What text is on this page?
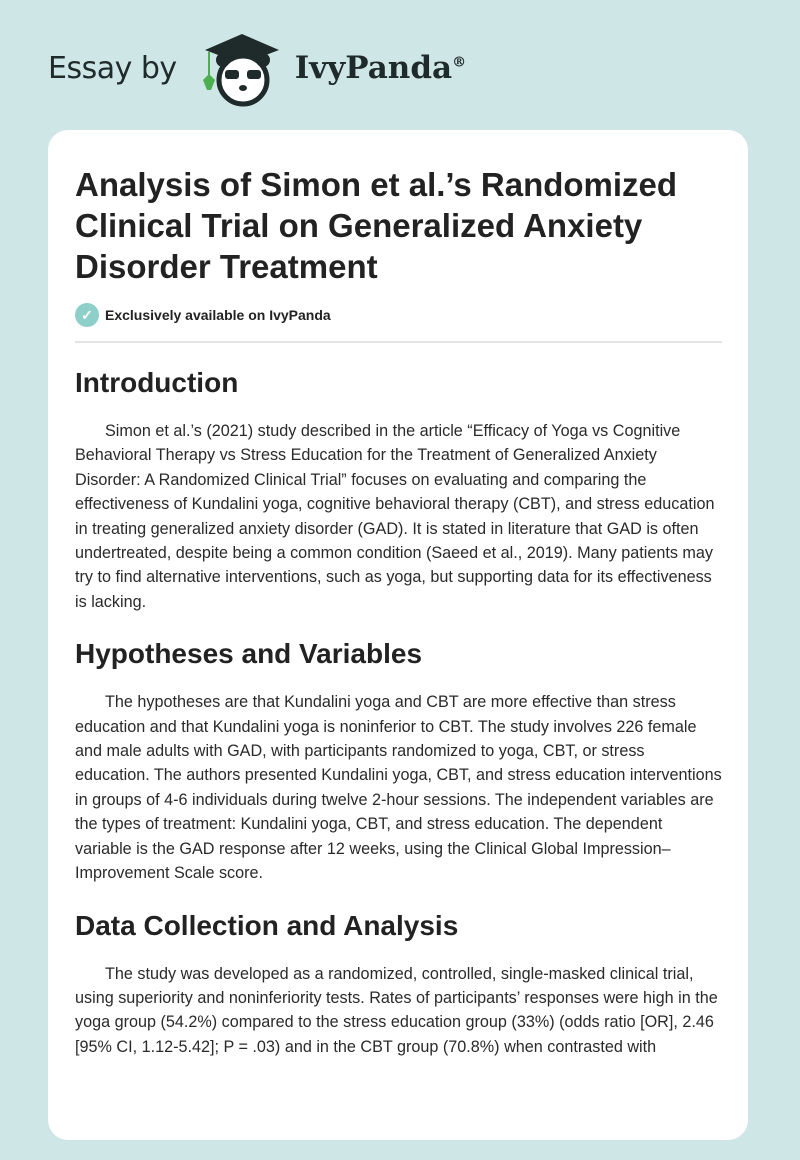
Essay by	IvyPanda®
Analysis of Simon et al.’s Randomized Clinical Trial on Generalized Anxiety Disorder Treatment
✓ Exclusively available on IvyPanda
Introduction

Simon et al.’s (2021) study described in the article “Efficacy of Yoga vs Cognitive Behavioral Therapy vs Stress Education for the Treatment of Generalized Anxiety Disorder: A Randomized Clinical Trial” focuses on evaluating and comparing the effectiveness of Kundalini yoga, cognitive behavioral therapy (CBT), and stress education in treating generalized anxiety disorder (GAD). It is stated in literature that GAD is often undertreated, despite being a common condition (Saeed et al., 2019). Many patients may try to find alternative interventions, such as yoga, but supporting data for its effectiveness is lacking.

Hypotheses and Variables

The hypotheses are that Kundalini yoga and CBT are more effective than stress education and that Kundalini yoga is noninferior to CBT. The study involves 226 female and male adults with GAD, with participants randomized to yoga, CBT, or stress education. The authors presented Kundalini yoga, CBT, and stress education interventions in groups of 4-6 individuals during twelve 2-hour sessions. The independent variables are the types of treatment: Kundalini yoga, CBT, and stress education. The dependent variable is the GAD response after 12 weeks, using the Clinical Global Impression–Improvement Scale score.

Data Collection and Analysis

The study was developed as a randomized, controlled, single-masked clinical trial, using superiority and noninferiority tests. Rates of participants’ responses were high in the yoga group (54.2%) compared to the stress education group (33%) (odds ratio [OR], 2.46 [95% CI, 1.12-5.42]; P = .03) and in the CBT group (70.8%) when contrasted with
